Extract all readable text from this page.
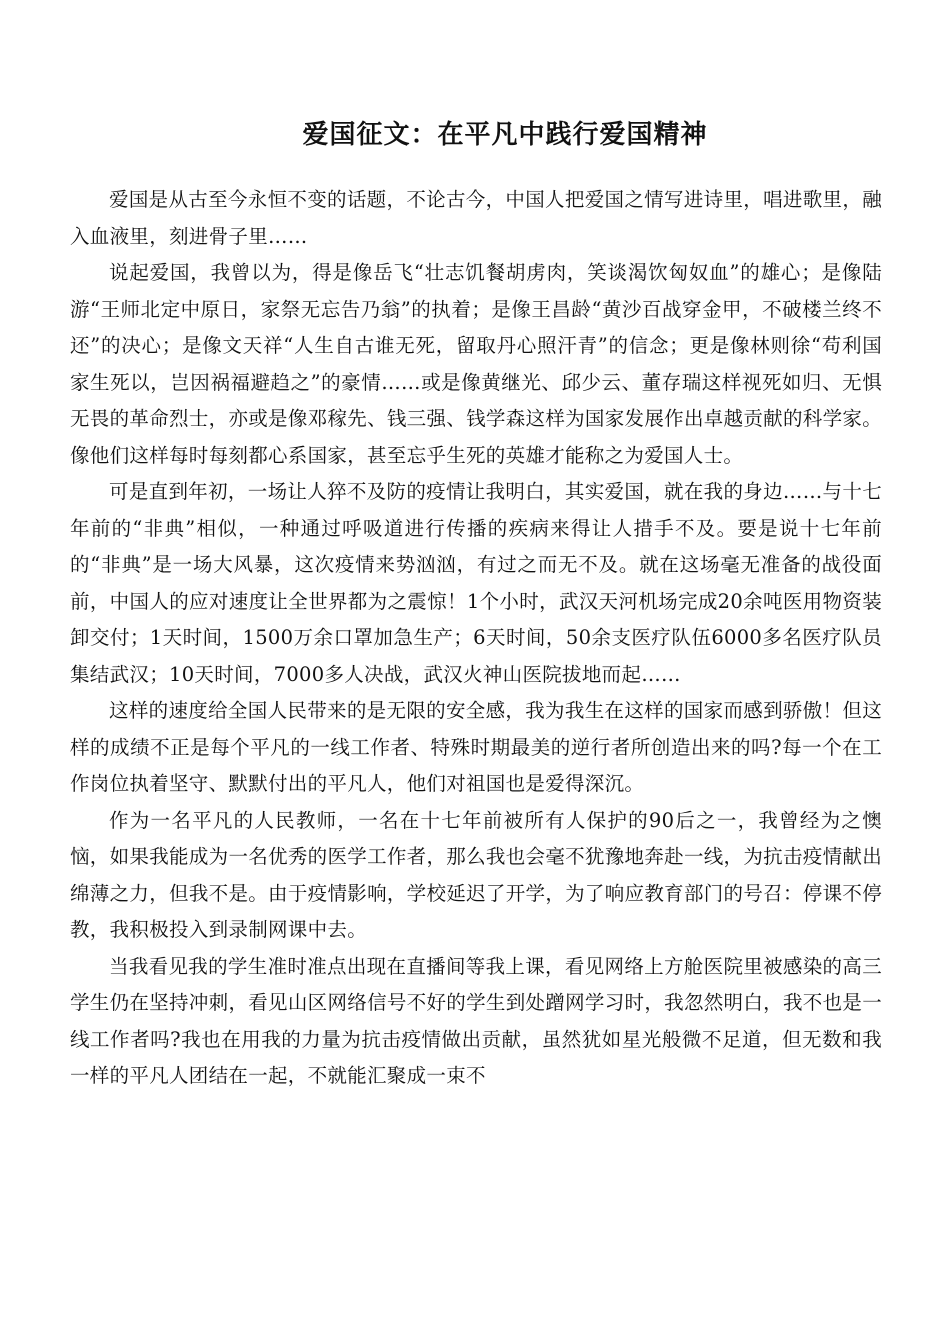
爱国征文：在平凡中践行爱国精神

爱国是从古至今永恒不变的话题，不论古今，中国人把爱国之情写进诗里，唱进歌里，融入血液里，刻进骨子里……

说起爱国，我曾以为，得是像岳飞“壮志饥餐胡虏肉，笑谈渴饮匈奴血”的雄心；是像陆游“王师北定中原日，家祭无忘告乃翁”的执着；是像王昌龄“黄沙百战穿金甲，不破楼兰终不还”的决心；是像文天祥“人生自古谁无死，留取丹心照汗青”的信念；更是像林则徐“苟利国家生死以，岂因祸福避趋之”的豪情……或是像黄继光、邱少云、董存瑞这样视死如归、无惧无畏的革命烈士，亦或是像邓稼先、钱三强、钱学森这样为国家发展作出卓越贡献的科学家。像他们这样每时每刻都心系国家，甚至忘乎生死的英雄才能称之为爱国人士。

可是直到年初，一场让人猝不及防的疫情让我明白，其实爱国，就在我的身边……与十七年前的“非典”相似，一种通过呼吸道进行传播的疾病来得让人措手不及。要是说十七年前的“非典”是一场大风暴，这次疫情来势汹汹，有过之而无不及。就在这场毫无准备的战役面前，中国人的应对速度让全世界都为之震惊！1个小时，武汉天河机场完成20余吨医用物资装卸交付；1天时间，1500万余口罩加急生产；6天时间，50余支医疗队伍6000多名医疗队员集结武汉；10天时间，7000多人决战，武汉火神山医院拔地而起……

这样的速度给全国人民带来的是无限的安全感，我为我生在这样的国家而感到骄傲！但这样的成绩不正是每个平凡的一线工作者、特殊时期最美的逆行者所创造出来的吗?每一个在工作岗位执着坚守、默默付出的平凡人，他们对祖国也是爱得深沉。

作为一名平凡的人民教师，一名在十七年前被所有人保护的90后之一，我曾经为之懊恼，如果我能成为一名优秀的医学工作者，那么我也会毫不犹豫地奔赴一线，为抗击疫情献出绵薄之力，但我不是。由于疫情影响，学校延迟了开学，为了响应教育部门的号召：停课不停教，我积极投入到录制网课中去。

当我看见我的学生准时准点出现在直播间等我上课，看见网络上方舱医院里被感染的高三学生仍在坚持冲刺，看见山区网络信号不好的学生到处蹭网学习时，我忽然明白，我不也是一线工作者吗?我也在用我的力量为抗击疫情做出贡献，虽然犹如星光般微不足道，但无数和我一样的平凡人团结在一起，不就能汇聚成一束不
